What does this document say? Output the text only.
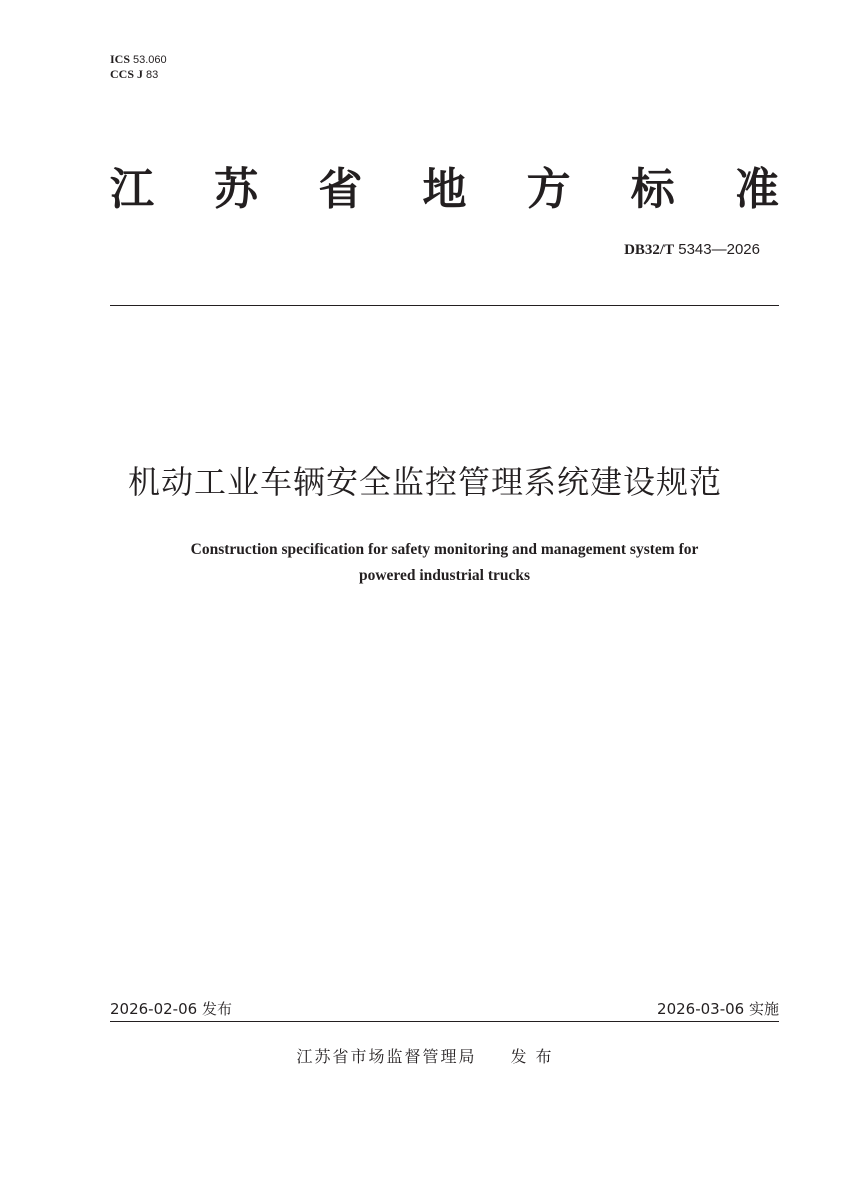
ICS 53.060
CCS J 83
江 苏 省 地 方 标 准
DB32/T 5343—2026
机动工业车辆安全监控管理系统建设规范
Construction specification for safety monitoring and management system for
powered industrial trucks
2026-02-06 发布	2026-03-06 实施
江苏省市场监督管理局 发 布
